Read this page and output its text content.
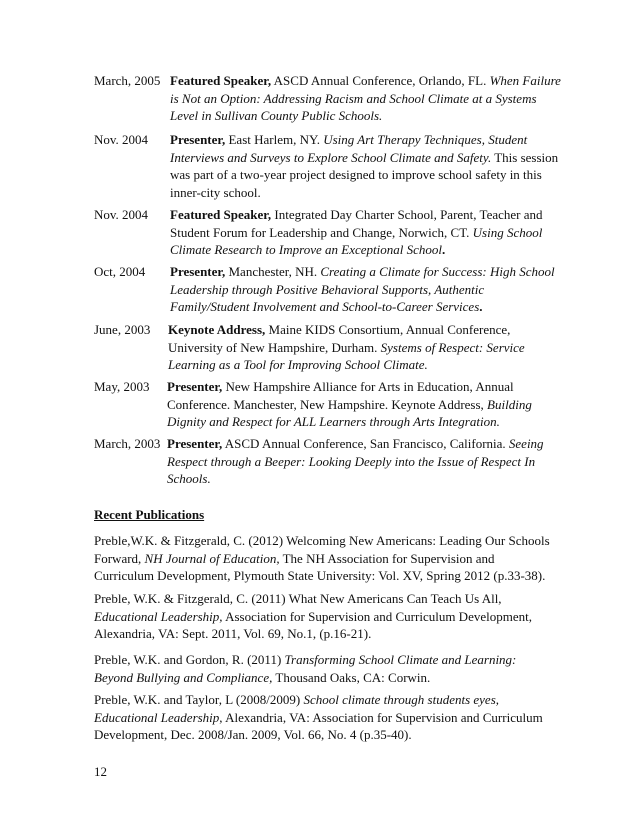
March, 2005 Featured Speaker, ASCD Annual Conference, Orlando, FL. When Failure is Not an Option: Addressing Racism and School Climate at a Systems Level in Sullivan County Public Schools.

Nov. 2004 Presenter, East Harlem, NY. Using Art Therapy Techniques, Student Interviews and Surveys to Explore School Climate and Safety. This session was part of a two-year project designed to improve school safety in this inner-city school.

Nov. 2004 Featured Speaker, Integrated Day Charter School, Parent, Teacher and Student Forum for Leadership and Change, Norwich, CT. Using School Climate Research to Improve an Exceptional School.

Oct, 2004 Presenter, Manchester, NH. Creating a Climate for Success: High School Leadership through Positive Behavioral Supports, Authentic Family/Student Involvement and School-to-Career Services.

June, 2003 Keynote Address, Maine KIDS Consortium, Annual Conference, University of New Hampshire, Durham. Systems of Respect: Service Learning as a Tool for Improving School Climate.

May, 2003 Presenter, New Hampshire Alliance for Arts in Education, Annual Conference. Manchester, New Hampshire. Keynote Address, Building Dignity and Respect for ALL Learners through Arts Integration.

March, 2003 Presenter, ASCD Annual Conference, San Francisco, California. Seeing Respect through a Beeper: Looking Deeply into the Issue of Respect In Schools.

Recent Publications

Preble,W.K. & Fitzgerald, C. (2012) Welcoming New Americans: Leading Our Schools Forward, NH Journal of Education, The NH Association for Supervision and Curriculum Development, Plymouth State University: Vol. XV, Spring 2012 (p.33-38).

Preble, W.K. & Fitzgerald, C. (2011) What New Americans Can Teach Us All, Educational Leadership, Association for Supervision and Curriculum Development, Alexandria, VA: Sept. 2011, Vol. 69, No.1, (p.16-21).

Preble, W.K. and Gordon, R. (2011) Transforming School Climate and Learning: Beyond Bullying and Compliance, Thousand Oaks, CA: Corwin.

Preble, W.K. and Taylor, L (2008/2009) School climate through students eyes, Educational Leadership, Alexandria, VA: Association for Supervision and Curriculum Development, Dec. 2008/Jan. 2009, Vol. 66, No. 4 (p.35-40).

12
